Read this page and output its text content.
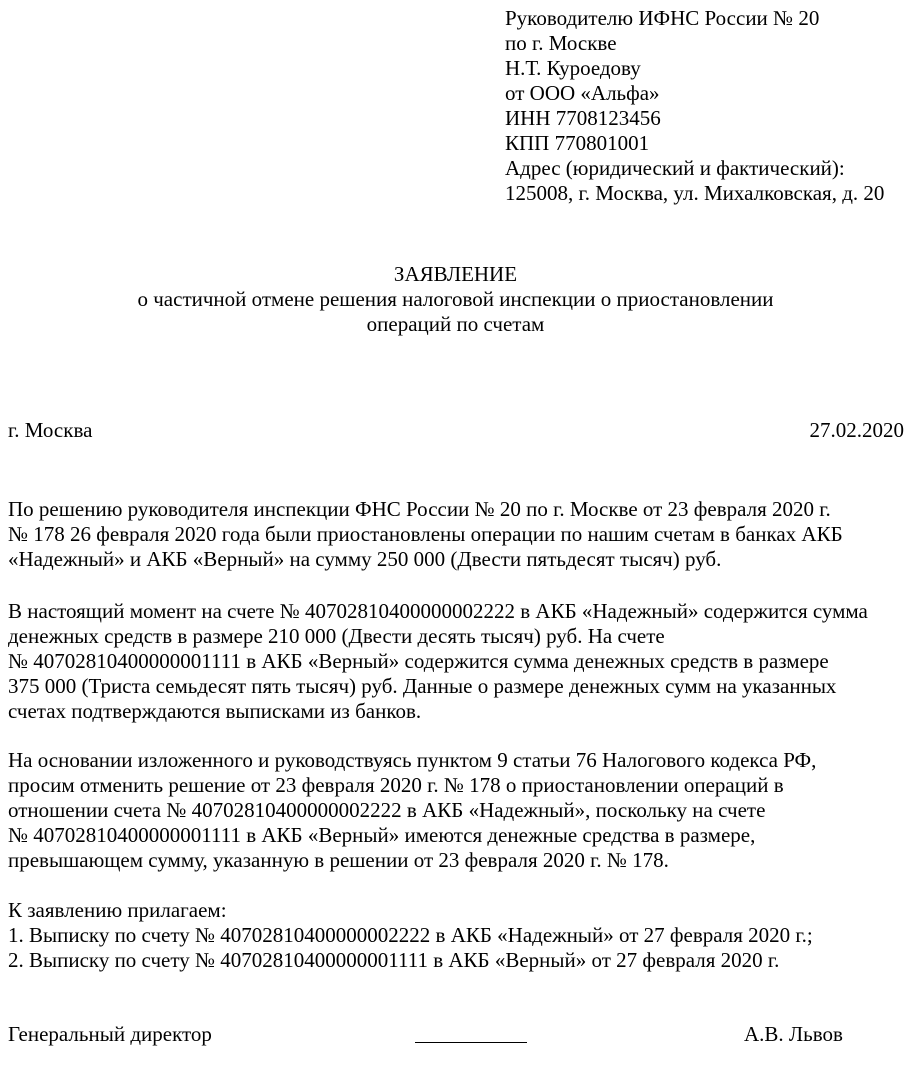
Руководителю ИФНС России № 20
по г. Москве
Н.Т. Куроедову
от ООО «Альфа»
ИНН 7708123456
КПП 770801001
Адрес (юридический и фактический):
125008, г. Москва, ул. Михалковская, д. 20
ЗАЯВЛЕНИЕ
о частичной отмене решения налоговой инспекции о приостановлении
операций по счетам
г. Москва	27.02.2020
По решению руководителя инспекции ФНС России № 20 по г. Москве от 23 февраля 2020 г.
№ 178 26 февраля 2020 года были приостановлены операции по нашим счетам в банках АКБ
«Надежный» и АКБ «Верный» на сумму 250 000 (Двести пятьдесят тысяч) руб.
В настоящий момент на счете № 40702810400000002222 в АКБ «Надежный» содержится сумма
денежных средств в размере 210 000 (Двести десять тысяч) руб. На счете
№ 40702810400000001111 в АКБ «Верный» содержится сумма денежных средств в размере
375 000 (Триста семьдесят пять тысяч) руб. Данные о размере денежных сумм на указанных
счетах подтверждаются выписками из банков.
На основании изложенного и руководствуясь пунктом 9 статьи 76 Налогового кодекса РФ,
просим отменить решение от 23 февраля 2020 г. № 178 о приостановлении операций в
отношении счета № 40702810400000002222 в АКБ «Надежный», поскольку на счете
№ 40702810400000001111 в АКБ «Верный» имеются денежные средства в размере,
превышающем сумму, указанную в решении от 23 февраля 2020 г. № 178.
К заявлению прилагаем:
1. Выписку по счету № 40702810400000002222 в АКБ «Надежный» от 27 февраля 2020 г.;
2. Выписку по счету № 40702810400000001111 в АКБ «Верный» от 27 февраля 2020 г.
Генеральный директор	А.В. Львов
